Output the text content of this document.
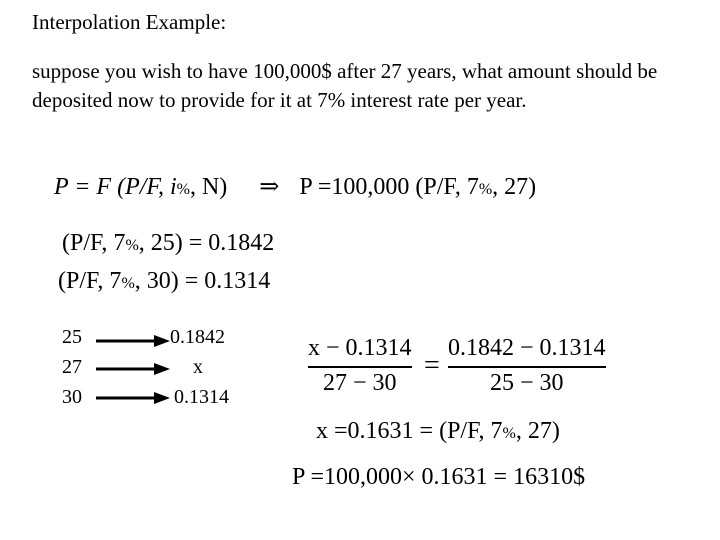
Interpolation Example:
suppose you wish to have 100,000$ after 27 years, what amount should be deposited now to provide for it at 7% interest rate per year.
P = F (P/F, i%, N) ⇒ P =100,000 (P/F, 7%, 27)
(P/F, 7%, 25) = 0.1842
(P/F, 7%, 30) = 0.1314
25
27
30
0.1842
x
0.1314
x − 0.1314
27 − 30
=
0.1842 − 0.1314
25 − 30
x =0.1631 = (P/F, 7%, 27)
P =100,000× 0.1631 = 16310$
